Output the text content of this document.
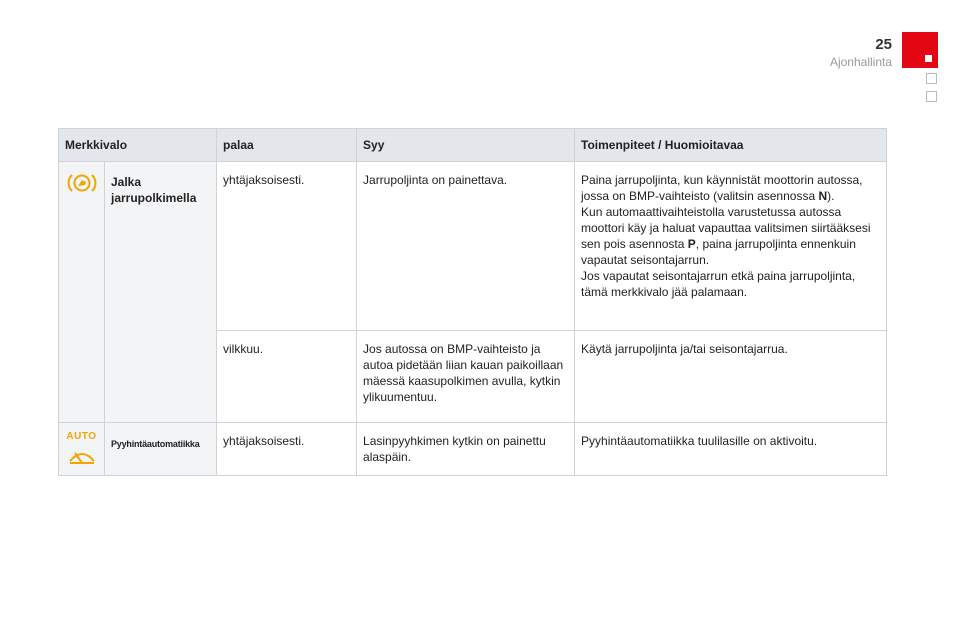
25
Ajonhallinta
Merkkivalo		palaa	Syy	Toimenpiteet / Huomioitavaa

	Jalka jarrupolkimella	yhtäjaksoisesti.	Jarrupoljinta on painettava.	Paina jarrupoljinta, kun käynnistät moottorin autossa, jossa on BMP-vaihteisto (valitsin asennossa N).
Kun automaattivaihteistolla varustetussa autossa moottori käy ja haluat vapauttaa valitsimen siirtääksesi sen pois asennosta P, paina jarrupoljinta ennenkuin vapautat seisontajarrun.
Jos vapautat seisontajarrun etkä paina jarrupoljinta, tämä merkkivalo jää palamaan.
		vilkkuu.	Jos autossa on BMP-vaihteisto ja autoa pidetään liian kauan paikoillaan mäessä kaasupolkimen avulla, kytkin ylikuumentuu.	Käytä jarrupoljinta ja/tai seisontajarrua.

AUTO	Pyyhintäautomatiikka	yhtäjaksoisesti.	Lasinpyyhkimen kytkin on painettu alaspäin.	Pyyhintäautomatiikka tuulilasille on aktivoitu.
